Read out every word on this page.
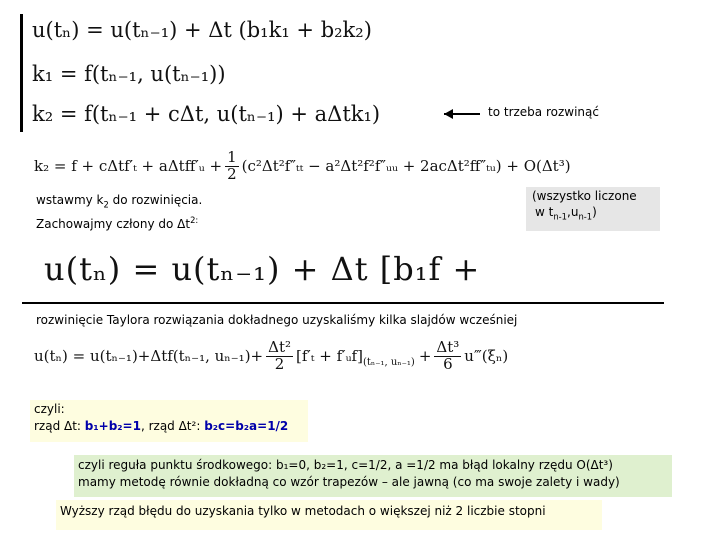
u(tₙ) = u(tₙ₋₁) + Δt (b₁k₁ + b₂k₂)
k₁ = f(tₙ₋₁, u(tₙ₋₁))
k₂ = f(tₙ₋₁ + cΔt, u(tₙ₋₁) + aΔtk₁)	to trzeba rozwinąć
k₂ = f + cΔtf′ₜ + aΔtff′ᵤ + $\frac{1}{2} (c^2\Delta t^2f''_{tt}$ − a²Δt²f²f″ᵤᵤ + 2acΔt²ff″ₜᵤ) + O(Δt³)
wstawmy $k_2$ do rozwinięcia.
Zachowajmy człony do $\Delta t^{2:}$
(wszystko liczone
w $t_{n-1},u_{n-1}$)
u(tₙ) = u(tₙ₋₁) + Δt [b₁f +
rozwinięcie Taylora rozwiązania dokładnego uzyskaliśmy kilka slajdów wcześniej
u(tₙ) = u(tₙ₋₁)+Δtf(tₙ₋₁, $u_{n-1})+ \frac{\text{Δt²}}{2} [f'_t$ + f′ᵤf] (tₙ₋₁, $u_{n-1}) + \frac{\text{Δt³}}{6}$ u‴(ξₙ)
czyli:
rząd Δt: b₁+b₂=1, rząd Δt²: b₂c=b₂a=1/2
czyli reguła punktu środkowego: b₁=0, b₂=1, c=1/2, a =1/2 ma błąd lokalny rzędu O(Δt³)
mamy metodę równie dokładną co wzór trapezów – ale jawną (co ma swoje zalety i wady)
Wyższy rząd błędu do uzyskania tylko w metodach o większej niż 2 liczbie stopni
